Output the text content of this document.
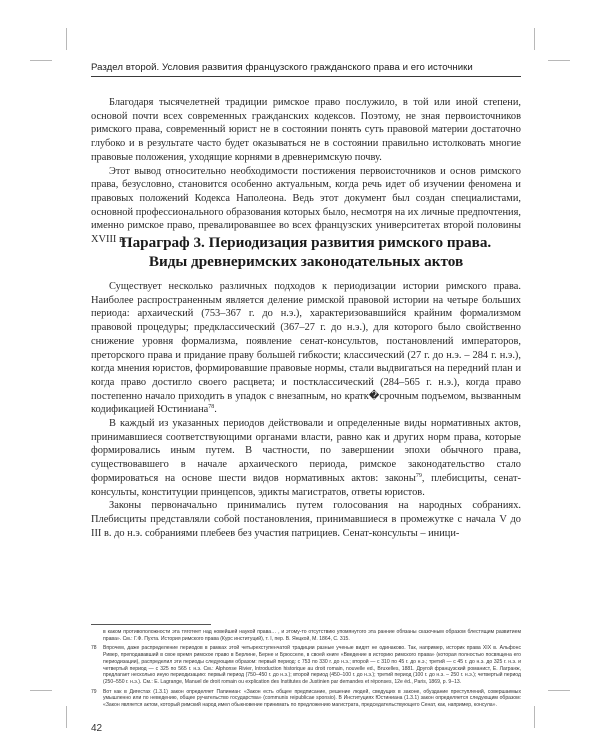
Раздел второй. Условия развития французского гражданского права и его источники

Благодаря тысячелетней традиции римское право послужило, в той или иной степени, основой почти всех современных гражданских кодексов. Поэтому, не зная первоисточников римского права, современный юрист не в состоянии понять суть правовой материи достаточно глубоко и в результате часто будет оказываться не в состоянии правильно истолковать многие правовые положения, уходящие корнями в древнеримскую почву.

Этот вывод относительно необходимости постижения первоисточников и основ римского права, безусловно, становится особенно актуальным, когда речь идет об изучении феномена и правовых положений Кодекса Наполеона. Ведь этот документ был создан специалистами, основной профессионального образования которых было, несмотря на их личные предпочтения, именно римское право, превалировавшее во всех французских университетах второй половины XVIII в.

Параграф 3. Периодизация развития римского права.
Виды древнеримских законодательных актов

Существует несколько различных подходов к периодизации истории римского права. Наиболее распространенным является деление римской правовой истории на четыре больших периода: архаический (753–367 г. до н.э.), характеризовавшийся крайним формализмом правовой процедуры; предклассический (367–27 г. до н.э.), для которого было свойственно снижение уровня формализма, появление сенат-консультов, постановлений императоров, преторского права и придание праву большей гибкости; классический (27 г. до н.э. – 284 г. н.э.), когда мнения юристов, формировавшие правовые нормы, стали выдвигаться на передний план и когда право достигло своего расцвета; и постклассический (284–565 г. н.э.), когда право постепенно начало приходить в упадок с внезапным, но кратк�срочным подъемом, вызванным кодификацией Юстиниана$^{78}$.

В каждый из указанных периодов действовали и определенные виды нормативных актов, принимавшиеся соответствующими органами власти, равно как и других норм права, которые формировались иным путем. В частности, по завершении эпохи обычного права, существовавшего в начале архаического периода, римское законодательство стало формироваться на основе шести видов нормативных актов: законы$^{79}$, плебисциты, сенат-консульты, конституции принцепсов, эдикты магистратов, ответы юристов.

Законы первоначально принимались путем голосования на народных собраниях. Плебисциты представляли собой постановления, принимавшиеся в промежутке с начала V до III в. до н.э. собраниями плебеев без участия патрициев. Сенат-консульты – иници-

в каком противоположности эта тяготеет над новейшей наукой права… , и этому-то отсутствию упомянутого эта ранние обязаны сказочным образом блестящим развитием права». См.: Г.Ф. Пухта. История римского права (Курс институций), т. I, пер. В. Янцкой, М. 1864, С. 315.
78 Впрочем, даже распределение периодов в рамках этой четырехступенчатой традиции разные ученые видят не одинаково. Так, например, историк права XIX в. Альфонс Ривер, преподававший в свое время римское право в Берлине, Берне и Брюсселе, в своей книге «Введение в историю римского права» (которая полностью посвящена его периодизации), распределил эти периоды следующим образом: первый период: с 753 по 330 г. до н.э.; второй — с 310 по 45 г. до н.э.; третий — с 45 г. до н.э. до 325 г. н.э. и четвертый период — с 325 по 565 г. н.э. См.: Alphonse Rivier, Introduction historique au droit romain, nouvelle ed., Bruxelles, 1881. Другой французский романист, Е. Лагранж, предлагает несколько иную периодизацию: первый период (750–450 г. до н.э.); второй период (450–100 г. до н.э.); третий период (100 г. до н.э. – 250 г. н.э.); четвертый период (250–550 г. н.э.). См.: E. Lagrange, Manuel de droit romain ou explication des Institutes de Justinien par demandes et réponses, 12e éd., Paris, 1869, p. 9–13.
79 Вот как в Дигестах (1.3.1) закон определяет Папиниан: «Закон есть общее предписание, решение людей, сведущих в законе, обуздание преступлений, совершаемых умышленно или по неведению, общее ручательство государства» (communis reipublicae sponsio). В Институциях Юстиниана (1.3.1) закон определяется следующим образом: «Закон является актом, который римский народ имел обыкновение принимать по предложению магистрата, председательствующего Сенат, как, например, консула».
42
